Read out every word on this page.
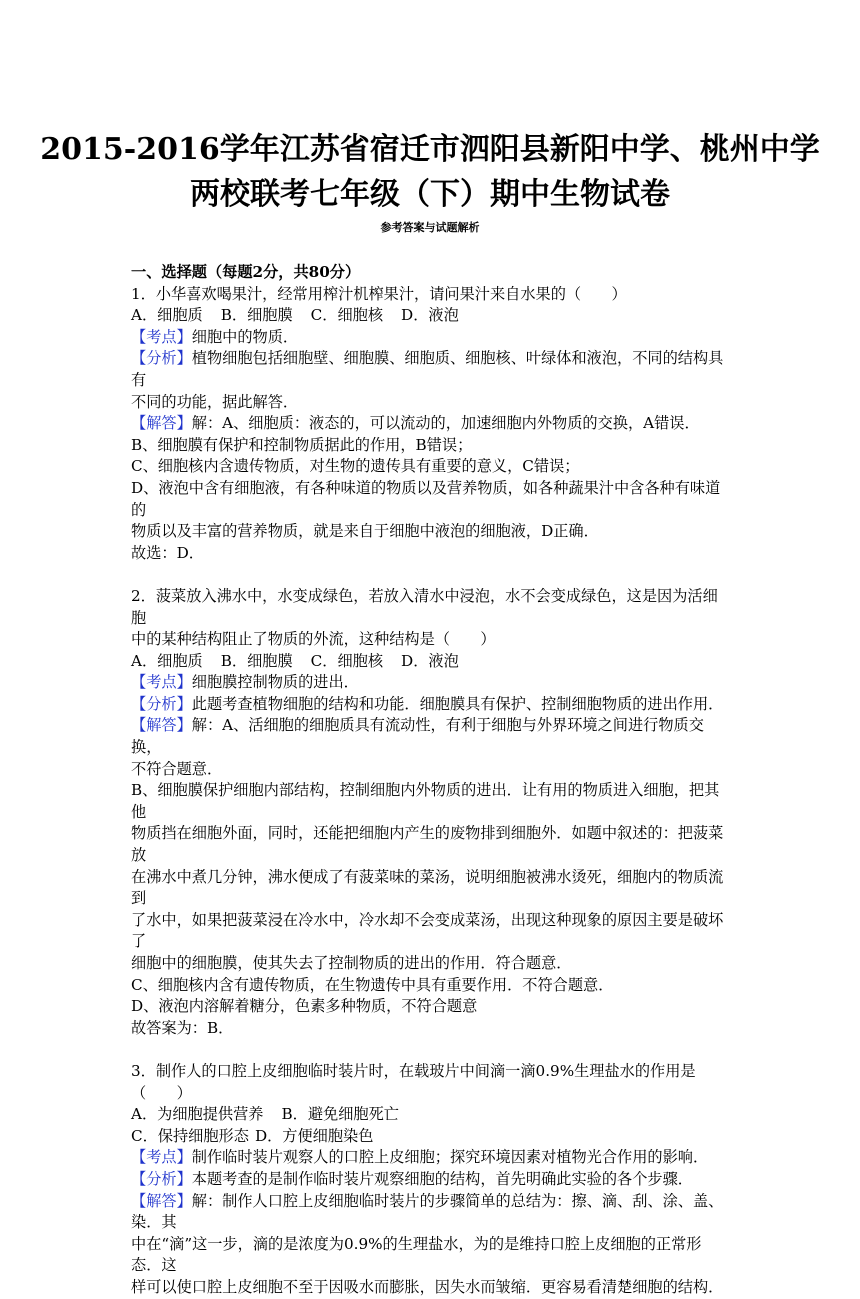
2015-2016学年江苏省宿迁市泗阳县新阳中学、桃州中学
两校联考七年级（下）期中生物试卷
参考答案与试题解析

一、选择题（每题2分，共80分）

1．小华喜欢喝果汁，经常用榨汁机榨果汁，请问果汁来自水果的（　　）

A．细胞质 B．细胞膜 C．细胞核 D．液泡

【考点】细胞中的物质．

【分析】植物细胞包括细胞壁、细胞膜、细胞质、细胞核、叶绿体和液泡，不同的结构具有

不同的功能，据此解答．

【解答】解：A、细胞质：液态的，可以流动的，加速细胞内外物质的交换，A错误．

B、细胞膜有保护和控制物质据此的作用，B错误；

C、细胞核内含遗传物质，对生物的遗传具有重要的意义，C错误；

D、液泡中含有细胞液，有各种味道的物质以及营养物质，如各种蔬果汁中含各种有味道的

物质以及丰富的营养物质，就是来自于细胞中液泡的细胞液，D正确．

故选：D．

2．菠菜放入沸水中，水变成绿色，若放入清水中浸泡，水不会变成绿色，这是因为活细胞

中的某种结构阻止了物质的外流，这种结构是（　　）

A．细胞质 B．细胞膜 C．细胞核 D．液泡

【考点】细胞膜控制物质的进出．

【分析】此题考查植物细胞的结构和功能．细胞膜具有保护、控制细胞物质的进出作用．

【解答】解：A、活细胞的细胞质具有流动性，有利于细胞与外界环境之间进行物质交换，

不符合题意．

B、细胞膜保护细胞内部结构，控制细胞内外物质的进出．让有用的物质进入细胞，把其他

物质挡在细胞外面，同时，还能把细胞内产生的废物排到细胞外．如题中叙述的：把菠菜放

在沸水中煮几分钟，沸水便成了有菠菜味的菜汤，说明细胞被沸水烫死，细胞内的物质流到

了水中，如果把菠菜浸在冷水中，冷水却不会变成菜汤，出现这种现象的原因主要是破坏了

细胞中的细胞膜，使其失去了控制物质的进出的作用．符合题意．

C、细胞核内含有遗传物质，在生物遗传中具有重要作用．不符合题意．

D、液泡内溶解着糖分，色素多种物质，不符合题意

故答案为：B．

3．制作人的口腔上皮细胞临时装片时，在载玻片中间滴一滴0.9%生理盐水的作用是（　　）

A．为细胞提供营养 B．避免细胞死亡

C．保持细胞形态 D．方便细胞染色

【考点】制作临时装片观察人的口腔上皮细胞；探究环境因素对植物光合作用的影响．

【分析】本题考查的是制作临时装片观察细胞的结构，首先明确此实验的各个步骤．

【解答】解：制作人口腔上皮细胞临时装片的步骤简单的总结为：擦、滴、刮、涂、盖、染．其

中在“滴”这一步，滴的是浓度为0.9%的生理盐水，为的是维持口腔上皮细胞的正常形态．这

样可以使口腔上皮细胞不至于因吸水而膨胀，因失水而皱缩．更容易看清楚细胞的结构．
